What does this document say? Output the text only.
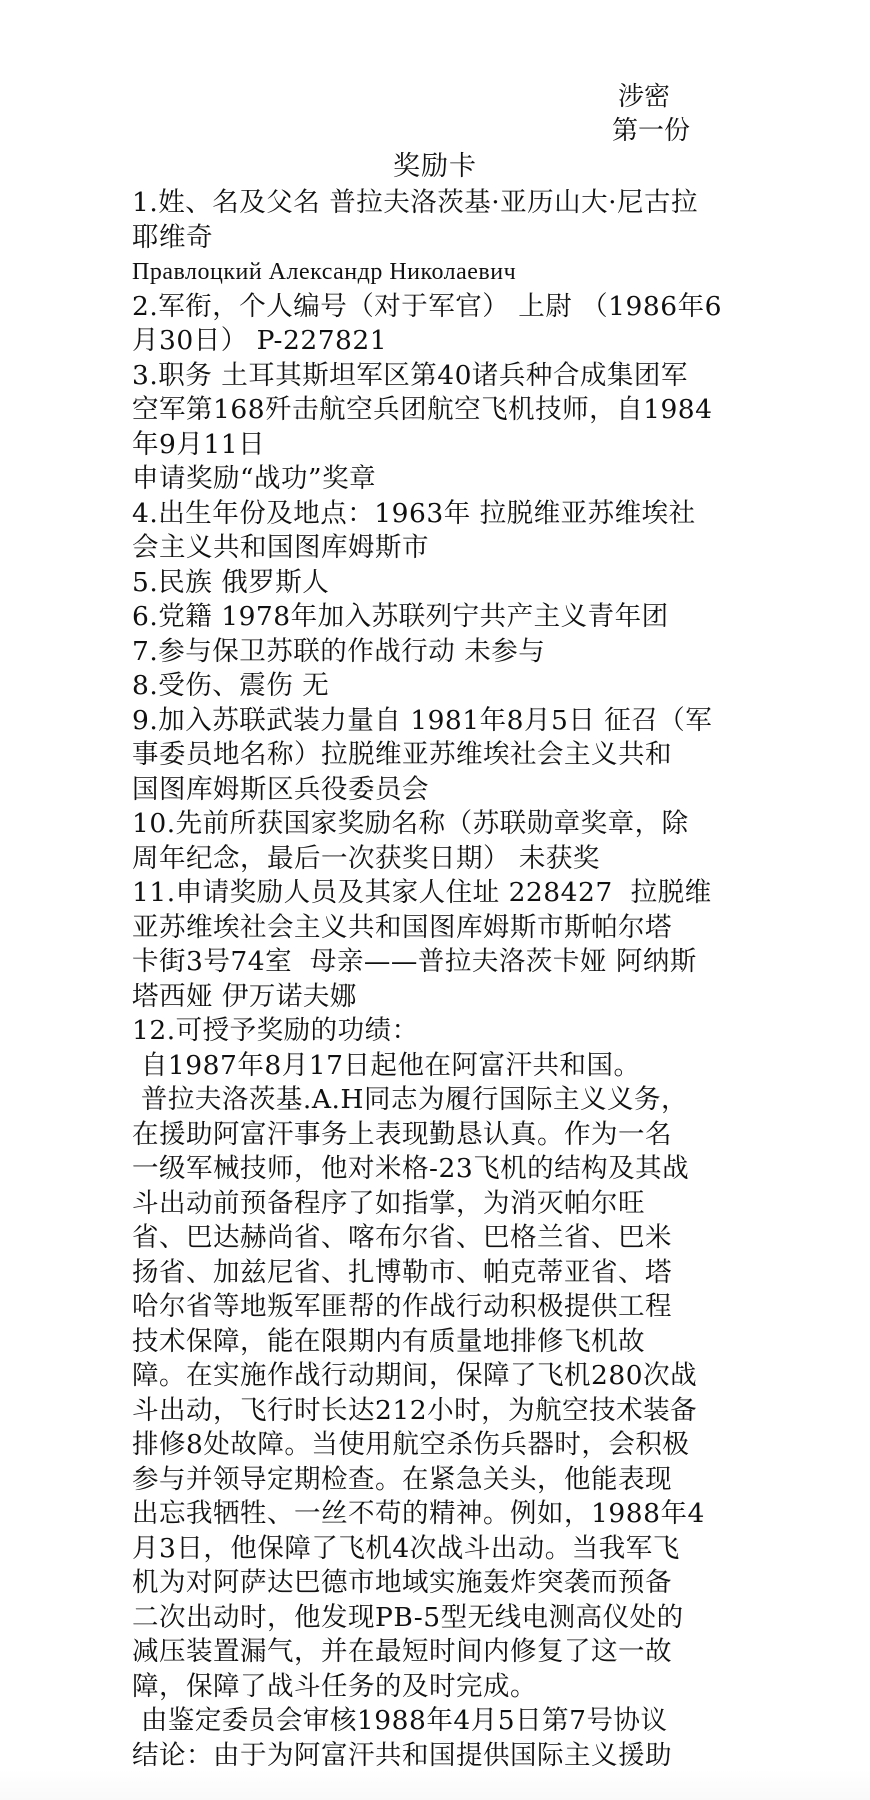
涉密
第一份
奖励卡
1.姓、名及父名 普拉夫洛茨基·亚历山大·尼古拉
耶维奇
Правлоцкий Александр Николаевич
2.军衔，个人编号（对于军官） 上尉 （1986年6
月30日） P-227821
3.职务 土耳其斯坦军区第40诸兵种合成集团军
空军第168歼击航空兵团航空飞机技师，自1984
年9月11日
申请奖励“战功”奖章
4.出生年份及地点：1963年 拉脱维亚苏维埃社
会主义共和国图库姆斯市
5.民族 俄罗斯人
6.党籍 1978年加入苏联列宁共产主义青年团
7.参与保卫苏联的作战行动 未参与
8.受伤、震伤 无
9.加入苏联武装力量自 1981年8月5日 征召（军
事委员地名称）拉脱维亚苏维埃社会主义共和
国图库姆斯区兵役委员会
10.先前所获国家奖励名称（苏联勋章奖章，除
周年纪念，最后一次获奖日期） 未获奖
11.申请奖励人员及其家人住址 228427  拉脱维
亚苏维埃社会主义共和国图库姆斯市斯帕尔塔
卡街3号74室  母亲——普拉夫洛茨卡娅 阿纳斯
塔西娅 伊万诺夫娜
12.可授予奖励的功绩：
自1987年8月17日起他在阿富汗共和国。
普拉夫洛茨基.A.H同志为履行国际主义义务，
在援助阿富汗事务上表现勤恳认真。作为一名
一级军械技师，他对米格-23飞机的结构及其战
斗出动前预备程序了如指掌，为消灭帕尔旺
省、巴达赫尚省、喀布尔省、巴格兰省、巴米
扬省、加兹尼省、扎博勒市、帕克蒂亚省、塔
哈尔省等地叛军匪帮的作战行动积极提供工程
技术保障，能在限期内有质量地排修飞机故
障。在实施作战行动期间，保障了飞机280次战
斗出动，飞行时长达212小时，为航空技术装备
排修8处故障。当使用航空杀伤兵器时，会积极
参与并领导定期检查。在紧急关头，他能表现
出忘我牺牲、一丝不苟的精神。例如，1988年4
月3日，他保障了飞机4次战斗出动。当我军飞
机为对阿萨达巴德市地域实施轰炸突袭而预备
二次出动时，他发现PB-5型无线电测高仪处的
减压装置漏气，并在最短时间内修复了这一故
障，保障了战斗任务的及时完成。
由鉴定委员会审核1988年4月5日第7号协议
结论：由于为阿富汗共和国提供国际主义援助
